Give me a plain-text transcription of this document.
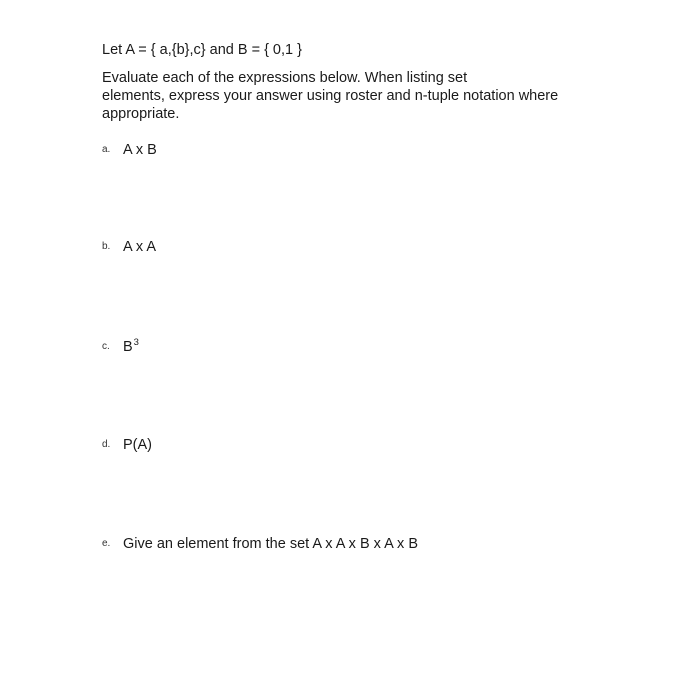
Let A = { a,{b},c} and B = { 0,1 }
Evaluate each of the expressions below. When listing set
elements, express your answer using roster and n-tuple notation where
appropriate.
a. A x B
b. A x A
c. $B^3$
d. P(A)
e. Give an element from the set A x A x B x A x B
